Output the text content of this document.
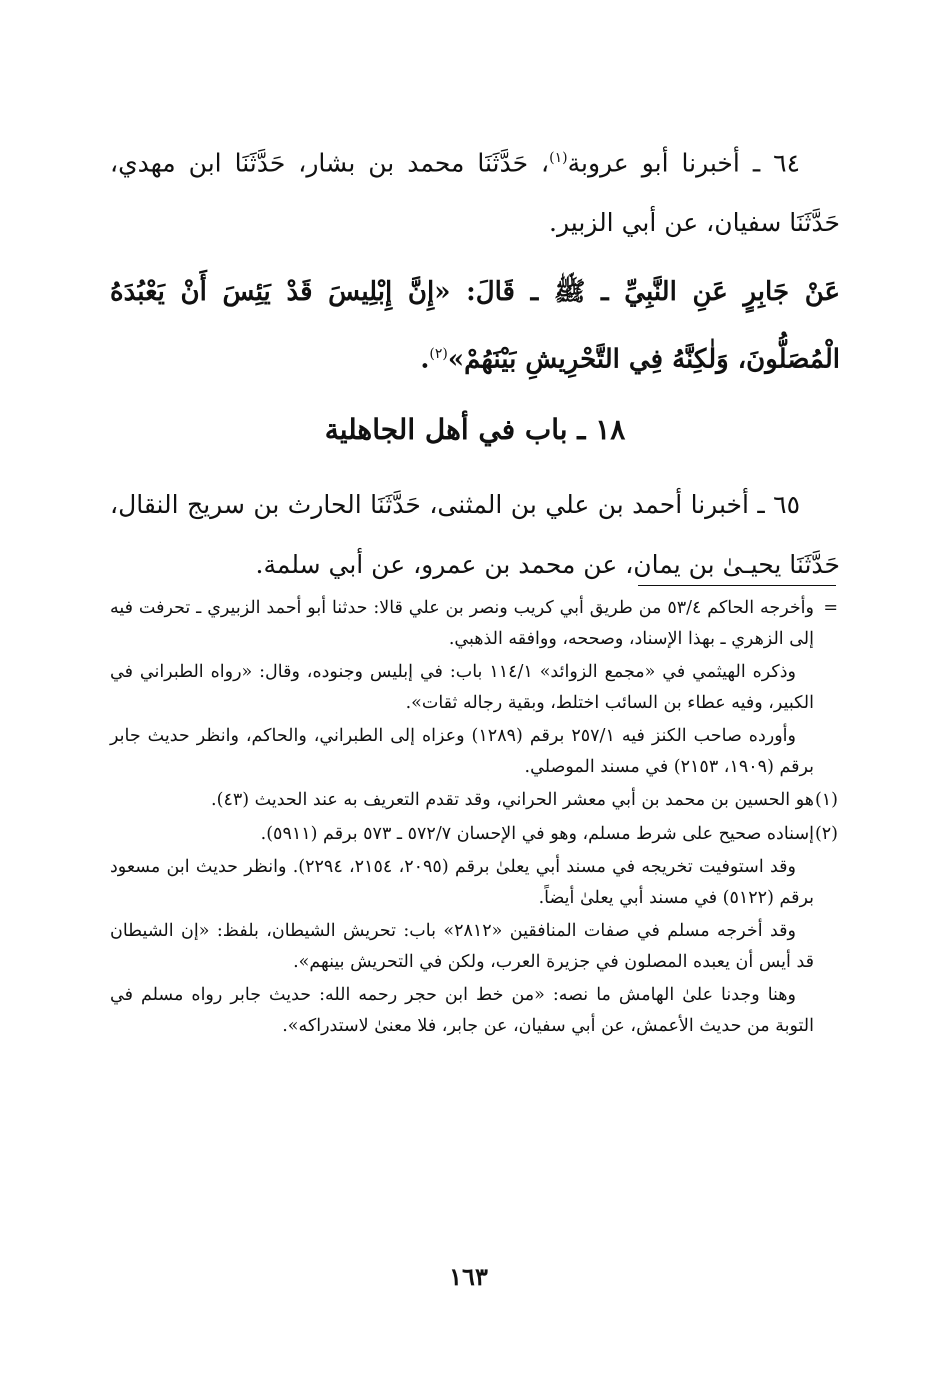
٦٤ ـ أخبرنا أبو عروبة$^{(١)}$، حَدَّثَنَا محمد بن بشار، حَدَّثَنَا ابن مهدي، حَدَّثَنَا سفيان، عن أبي الزبير.

عَنْ جَابِرٍ عَنِ النَّبِيِّ ـ ﷺ ـ قَالَ: «إِنَّ إِبْلِيسَ قَدْ يَئِسَ أَنْ يَعْبُدَهُ الْمُصَلُّونَ، وَلٰكِنَّهُ فِي التَّحْرِيشِ بَيْنَهُمْ»$^{(٢)}$.

١٨ ـ باب في أهل الجاهلية

٦٥ ـ أخبرنا أحمد بن علي بن المثنى، حَدَّثَنَا الحارث بن سريج النقال، حَدَّثَنَا يحيـىٰ بن يمان، عن محمد بن عمرو، عن أبي سلمة.

=
وأخرجه الحاكم ٥٣/٤ من طريق أبي كريب ونصر بن علي قالا: حدثنا أبو أحمد الزبيري ـ تحرفت فيه إلى الزهري ـ بهذا الإسناد، وصححه، ووافقه الذهبي.

وذكره الهيثمي في «مجمع الزوائد» ١١٤/١ باب: في إبليس وجنوده، وقال: «رواه الطبراني في الكبير، وفيه عطاء بن السائب اختلط، وبقية رجاله ثقات».

وأورده صاحب الكنز فيه ٢٥٧/١ برقم (١٢٨٩) وعزاه إلى الطبراني، والحاكم، وانظر حديث جابر برقم (١٩٠٩، ٢١٥٣) في مسند الموصلي.

(١)
هو الحسين بن محمد بن أبي معشر الحراني، وقد تقدم التعريف به عند الحديث (٤٣).

(٢)
إسناده صحيح على شرط مسلم، وهو في الإحسان ٥٧٢/٧ ـ ٥٧٣ برقم (٥٩١١).

وقد استوفيت تخريجه في مسند أبي يعلىٰ برقم (٢٠٩٥، ٢١٥٤، ٢٢٩٤). وانظر حديث ابن مسعود برقم (٥١٢٢) في مسند أبي يعلىٰ أيضاً.

وقد أخرجه مسلم في صفات المنافقين «٢٨١٢» باب: تحريش الشيطان، بلفظ: «إن الشيطان قد أيس أن يعبده المصلون في جزيرة العرب، ولكن في التحريش بينهم».

وهنا وجدنا علىٰ الهامش ما نصه: «من خط ابن حجر رحمه الله: حديث جابر رواه مسلم في التوبة من حديث الأعمش، عن أبي سفيان، عن جابر، فلا معنىٰ لاستدراكه».

١٦٣
